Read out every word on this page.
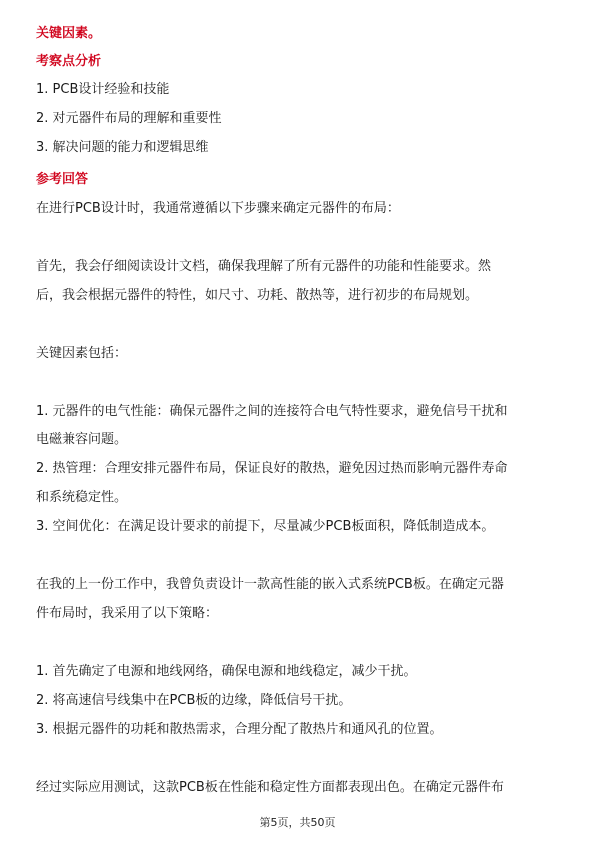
关键因素。
考察点分析
1. PCB设计经验和技能
2. 对元器件布局的理解和重要性
3. 解决问题的能力和逻辑思维
参考回答
在进行PCB设计时，我通常遵循以下步骤来确定元器件的布局：
首先，我会仔细阅读设计文档，确保我理解了所有元器件的功能和性能要求。然
后，我会根据元器件的特性，如尺寸、功耗、散热等，进行初步的布局规划。
关键因素包括：
1. 元器件的电气性能：确保元器件之间的连接符合电气特性要求，避免信号干扰和
电磁兼容问题。
2. 热管理：合理安排元器件布局，保证良好的散热，避免因过热而影响元器件寿命
和系统稳定性。
3. 空间优化：在满足设计要求的前提下，尽量减少PCB板面积，降低制造成本。
在我的上一份工作中，我曾负责设计一款高性能的嵌入式系统PCB板。在确定元器
件布局时，我采用了以下策略：
1. 首先确定了电源和地线网络，确保电源和地线稳定，减少干扰。
2. 将高速信号线集中在PCB板的边缘，降低信号干扰。
3. 根据元器件的功耗和散热需求，合理分配了散热片和通风孔的位置。
经过实际应用测试，这款PCB板在性能和稳定性方面都表现出色。在确定元器件布
第5页，共50页
